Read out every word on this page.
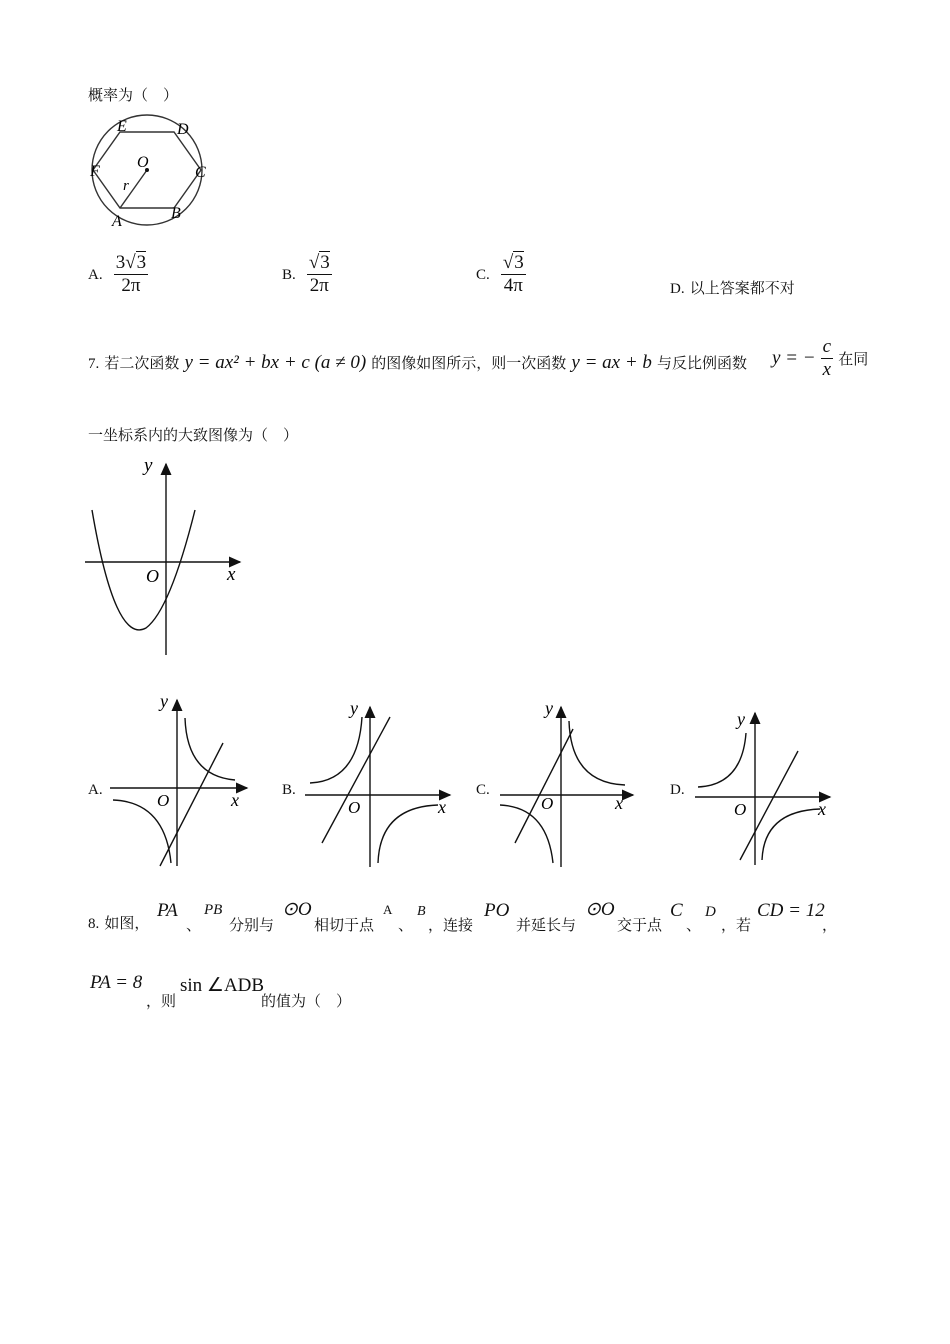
概率为（　）
E	D
F
O
C
r
A	B
A. $\frac{3√3}{2\pi}$	B. $\frac{√3}{2\pi}$	C. $\frac{√3}{4\pi}$	D. 以上答案都不对
7. 若二次函数 y = ax² + bx + c (a ≠ 0) 的图像如图所示，则一次函数 y = ax + b 与反比例函数 y = − $\frac{c}{x}$ 在同
一坐标系内的大致图像为（　）
y
x
O
A.
y
x
O
B.
y
x
O
C.
y
x
O
D.
y
x
O
8. 如图，
PA
、
PB
分别与
⊙O
相切于点
A
、
B
，连接
PO
并延长与
⊙O
交于点
C
、
D
，若
CD = 12
，
PA = 8
，则
sin ∠ADB
的值为（　）
